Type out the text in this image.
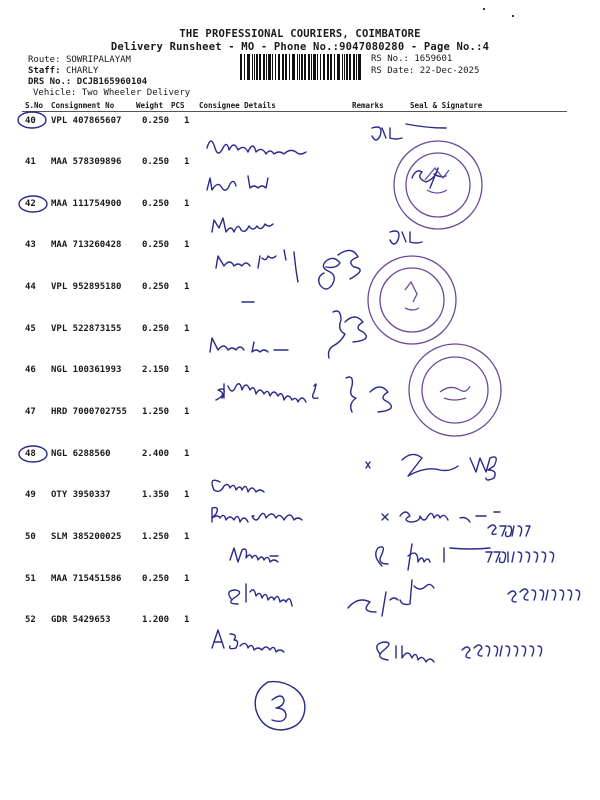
THE PROFESSIONAL COURIERS, COIMBATORE
Delivery Runsheet - MO - Phone No.:9047080280 - Page No.:4
Route: SOWRIPALAYAM
Staff: CHARLY
DRS No.: DCJB165960104
Vehicle: Two Wheeler Delivery
RS No.: 1659601
RS Date: 22-Dec-2025
S.No Consignment No	Weight PCS Consignee Details	Remarks	Seal & Signature
40	VPL 407865607 0.250 1
41	MAA 578309896 0.250 1
42	MAA 111754900 0.250 1
43	MAA 713260428 0.250 1
44	VPL 952895180 0.250 1
45	VPL 522873155 0.250 1
46	NGL 100361993 2.150 1
47	HRD 7000702755 1.250 1
48	NGL 6288560	2.400 1
49	OTY 3950337	1.350 1
50	SLM 385200025 1.250 1
51	MAA 715451586 0.250 1
52	GDR 5429653	1.200 1
